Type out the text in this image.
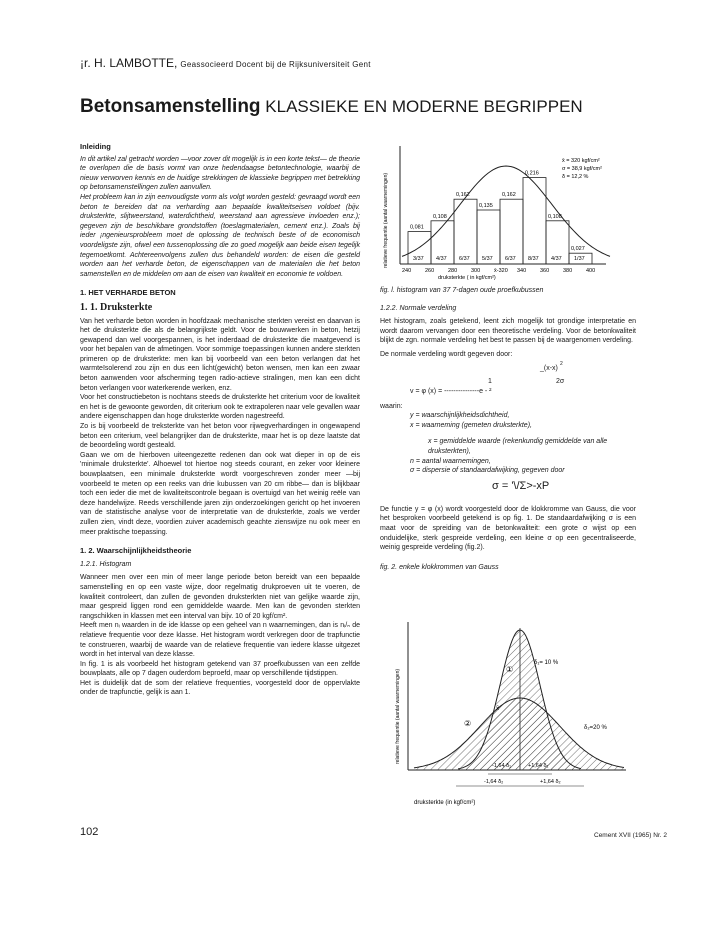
¡r. H. LAMBOTTE, Geassocieerd Docent bij de Rijksuniversiteit Gent
Betonsamenstelling KLASSIEKE EN MODERNE BEGRIPPEN

Inleiding

In dit artikel zal getracht worden —voor zover dit mogelijk is in een korte tekst— de theorie te overlopen die de basis vormt van onze hedendaagse betontechnologie, waarbij de nieuw verworven kennis en de huidige strekkingen de klassieke begrippen met betrekking op betonsamenstellingen zullen aanvullen.

Het probleem kan in zijn eenvoudigste vorm als volgt worden gesteld: gevraagd wordt een beton te bereiden dat na verharding aan bepaalde kwaliteitseisen voldoet (bijv. druksterkte, slijtweerstand, waterdichtheid, weerstand aan agressieve invloeden enz.); gegeven zijn de beschikbare grondstoffen (toeslagmaterialen, cement enz.). Zoals bij ieder ¡ngenieursprobleem moet de oplossing de technisch beste of de economisch voordeligste zijn, ofwel een tussenoplossing die zo goed mogelijk aan beide eisen tegelijk tegemoetkomt. Achtereenvolgens zullen dus behandeld worden: de eisen die gesteld worden aan het verharde beton, de eigenschappen van de materialen die het beton samenstellen en de middelen om aan de eisen van kwaliteit en economie te voldoen.

1. HET VERHARDE BETON

1. 1. Druksterkte

Van het verharde beton worden in hoofdzaak mechanische sterkten vereist en daarvan is het de druksterkte die als de belangrijkste geldt. Voor de bouwwerken in beton, hetzij gewapend dan wel voorgespannen, is het inderdaad de druksterkte die maatgevend is voor het bepalen van de afmetingen. Voor sommige toepassingen kunnen andere sterkten primeren op de druksterkte: men kan bij voorbeeld van een beton verlangen dat het warmteïsolerend zou zijn en dus een licht(gewicht) beton wensen, men kan een zwaar beton aanwenden voor afscherming tegen radio-actieve stralingen, men kan een dicht beton verlangen voor waterkerende werken, enz.

Voor het constructiebeton is nochtans steeds de druksterkte het criterium voor de kwaliteit en het is de gewoonte geworden, dit criterium ook te extrapoleren naar vele gevallen waar andere eigenschappen dan hoge druksterkte worden nagestreefd.

Zo is bij voorbeeld de treksterkte van het beton voor rijwegverhardingen in ongewapend beton een criterium, veel belangrijker dan de druksterkte, maar het is op deze laatste dat de beoordeling wordt gesteald.

Gaan we om de hierboven uiteengezette redenen dan ook wat dieper in op de eis 'minimale druksterkte'. Alhoewel tot hiertoe nog steeds courant, en zeker voor kleinere bouwplaatsen, een minimale druksterkte wordt voorgeschreven zonder meer —bij voorbeeld te meten op een reeks van drie kubussen van 20 cm ribbe— dan is blijkbaar toch een ieder die met de kwaliteitscontrole begaan is overtuigd van het weinig reële van deze handelwijze. Reeds verschillende jaren zijn onderzoekingen gericht op het invoeren van de statistische analyse voor de interpretatie van de druksterkte, zoals we verder zullen zien, vindt deze, voordien zuiver academisch geachte zienswijze nu ook meer en meer praktische toepassing.

1. 2. Waarschijnlijkheidstheorie

1.2.1. Histogram

Wanneer men over een min of meer lange periode beton bereidt van een bepaalde samenstelling en op een vaste wijze, door regelmatig drukproeven uit te voeren, de kwaliteit controleert, dan zullen de gevonden druksterkten niet van gelijke waarde zijn, maar gespreid liggen rond een gemiddelde waarde. Men kan de gevonden sterkten rangschikken in klassen met een interval van bijv. 10 of 20 kgf/cm².

Heeft men nᵢ waarden in de ide klasse op een geheel van n waarnemingen, dan is nᵢ/ₙ de relatieve frequentie voor deze klasse. Het histogram wordt verkregen door de trapfunctie te construeren, waarbij de waarde van de relatieve frequentie van iedere klasse uitgezet wordt in het interval van deze klasse.

In fig. 1 is als voorbeeld het histogram getekend van 37 proefkubussen van een zelfde bouwplaats, alle op 7 dagen ouderdom beproefd, maar op verschillende tijdstippen.

Het is duidelijk dat de som der relatieve frequenties, voorgesteld door de oppervlakte onder de trapfunctie, gelijk is aan 1.

relatieve frequentie (aantal waarnemingen)	0,081
3/37
0,108
4/37
0,162
6/37
0,135
5/37
0,162
6/37
0,216
8/37
0,108
4/37
0,027
1/37
240	260	280	300	x̄-320 340	360	380	400
druksterkte ( in kgf/cm²)
x̄ = 320 kgf/cm²
σ = 38,9 kgf/cm²
δ = 12,2 %

fig. l. histogram van 37 7-dagen oude proefkubussen

1.2.2. Normale verdeling

Het histogram, zoals getekend, leent zich mogelijk tot grondige interpretatie en wordt daarom vervangen door een theoretische verdeling. Voor de betonkwaliteit blijkt de zgn. normale verdeling het best te passen bij de waargenomen verdeling.

De normale verdeling wordt gegeven door:

_(x-x)
2
1	2σ
v = φ (x) = ---------------e - ²

waarin:

y = waarschijnlijkheidsdichtheid,

x = waarneming (gemeten druksterkte),

x = gemiddelde waarde (rekenkundig gemiddelde van alle

druksterkten),

n = aantal waarnemingen,

σ = dispersie of standaardafwijking, gegeven door

σ = '\/Σ>-xP

De functie y = φ (x) wordt voorgesteld door de klokkromme van Gauss, die voor het besproken voorbeeld getekend is op fig. 1. De standaardafwijking σ is een maat voor de spreiding van de betonkwaliteit: een grote σ wijst op een onduidelijke, sterk gespreide verdeling, een kleine σ op een gecentraliseerde, weinig gespreide verdeling (fig.2).

fig. 2. enkele klokkrommen van Gauss

relatieve frequentie (aantal waarnemingen)	①
δ₁= 10 %
②	δ₂=20 %
x̄
-1,64 δ₁	+1,64 δ₁
-1,64 δ₂	+1,64 δ₂
druksterkte (in kgf/cm²)
102	Cement XVII (1965) Nr. 2
